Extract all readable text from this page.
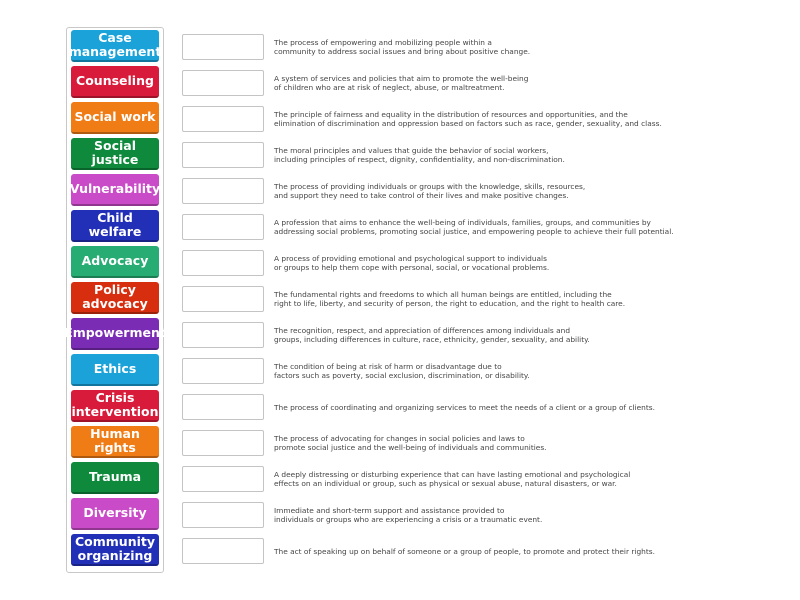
Case
management
Counseling
Social work
Social justice
Vulnerability
Child welfare
Advocacy
Policy
advocacy
Empowerment
Ethics
Crisis
intervention
Human
rights
Trauma
Diversity
Community
organizing
The process of empowering and mobilizing people within a
community to address social issues and bring about positive change.
A system of services and policies that aim to promote the well-being
of children who are at risk of neglect, abuse, or maltreatment.
The principle of fairness and equality in the distribution of resources and opportunities, and the
elimination of discrimination and oppression based on factors such as race, gender, sexuality, and class.
The moral principles and values that guide the behavior of social workers,
including principles of respect, dignity, confidentiality, and non-discrimination.
The process of providing individuals or groups with the knowledge, skills, resources,
and support they need to take control of their lives and make positive changes.
A profession that aims to enhance the well-being of individuals, families, groups, and communities by
addressing social problems, promoting social justice, and empowering people to achieve their full potential.
A process of providing emotional and psychological support to individuals
or groups to help them cope with personal, social, or vocational problems.
The fundamental rights and freedoms to which all human beings are entitled, including the
right to life, liberty, and security of person, the right to education, and the right to health care.
The recognition, respect, and appreciation of differences among individuals and
groups, including differences in culture, race, ethnicity, gender, sexuality, and ability.
The condition of being at risk of harm or disadvantage due to
factors such as poverty, social exclusion, discrimination, or disability.
The process of coordinating and organizing services to meet the needs of a client or a group of clients.
The process of advocating for changes in social policies and laws to
promote social justice and the well-being of individuals and communities.
A deeply distressing or disturbing experience that can have lasting emotional and psychological
effects on an individual or group, such as physical or sexual abuse, natural disasters, or war.
Immediate and short-term support and assistance provided to
individuals or groups who are experiencing a crisis or a traumatic event.
The act of speaking up on behalf of someone or a group of people, to promote and protect their rights.
